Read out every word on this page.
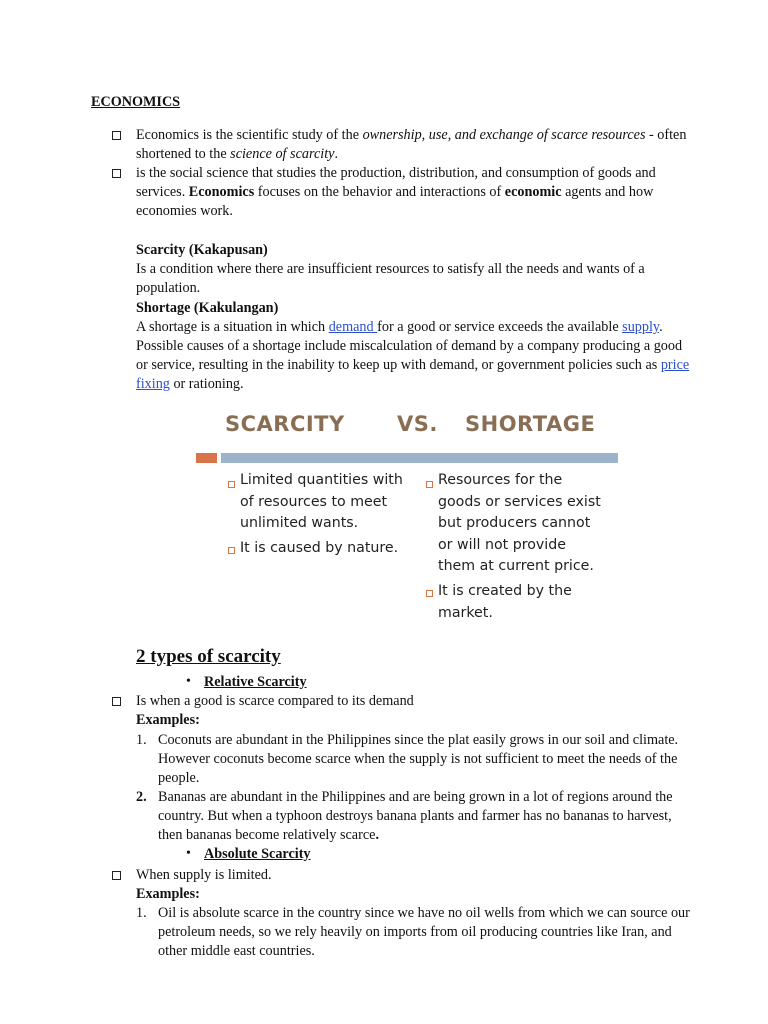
ECONOMICS
Economics is the scientific study of the ownership, use, and exchange of scarce resources - often
shortened to the science of scarcity.
is the social science that studies the production, distribution, and consumption of goods and
services. Economics focuses on the behavior and interactions of economic agents and how
economies work.
Scarcity (Kakapusan)
Is a condition where there are insufficient resources to satisfy all the needs and wants of a
population.
Shortage (Kakulangan)
A shortage is a situation in which demand for a good or service exceeds the available supply.
Possible causes of a shortage include miscalculation of demand by a company producing a good
or service, resulting in the inability to keep up with demand, or government policies such as price
fixing or rationing.
SCARCITY VS. SHORTAGE
Limited quantities with
of resources to meet
unlimited wants.
It is caused by nature.
Resources for the
goods or services exist
but producers cannot
or will not provide
them at current price.
It is created by the
market.
2 types of scarcity
• Relative Scarcity
Is when a good is scarce compared to its demand
Examples:
1. Coconuts are abundant in the Philippines since the plat easily grows in our soil and climate.
However coconuts become scarce when the supply is not sufficient to meet the needs of the
people.
2. Bananas are abundant in the Philippines and are being grown in a lot of regions around the
country. But when a typhoon destroys banana plants and farmer has no bananas to harvest,
then bananas become relatively scarce.
• Absolute Scarcity
When supply is limited.
Examples:
1. Oil is absolute scarce in the country since we have no oil wells from which we can source our
petroleum needs, so we rely heavily on imports from oil producing countries like Iran, and
other middle east countries.
